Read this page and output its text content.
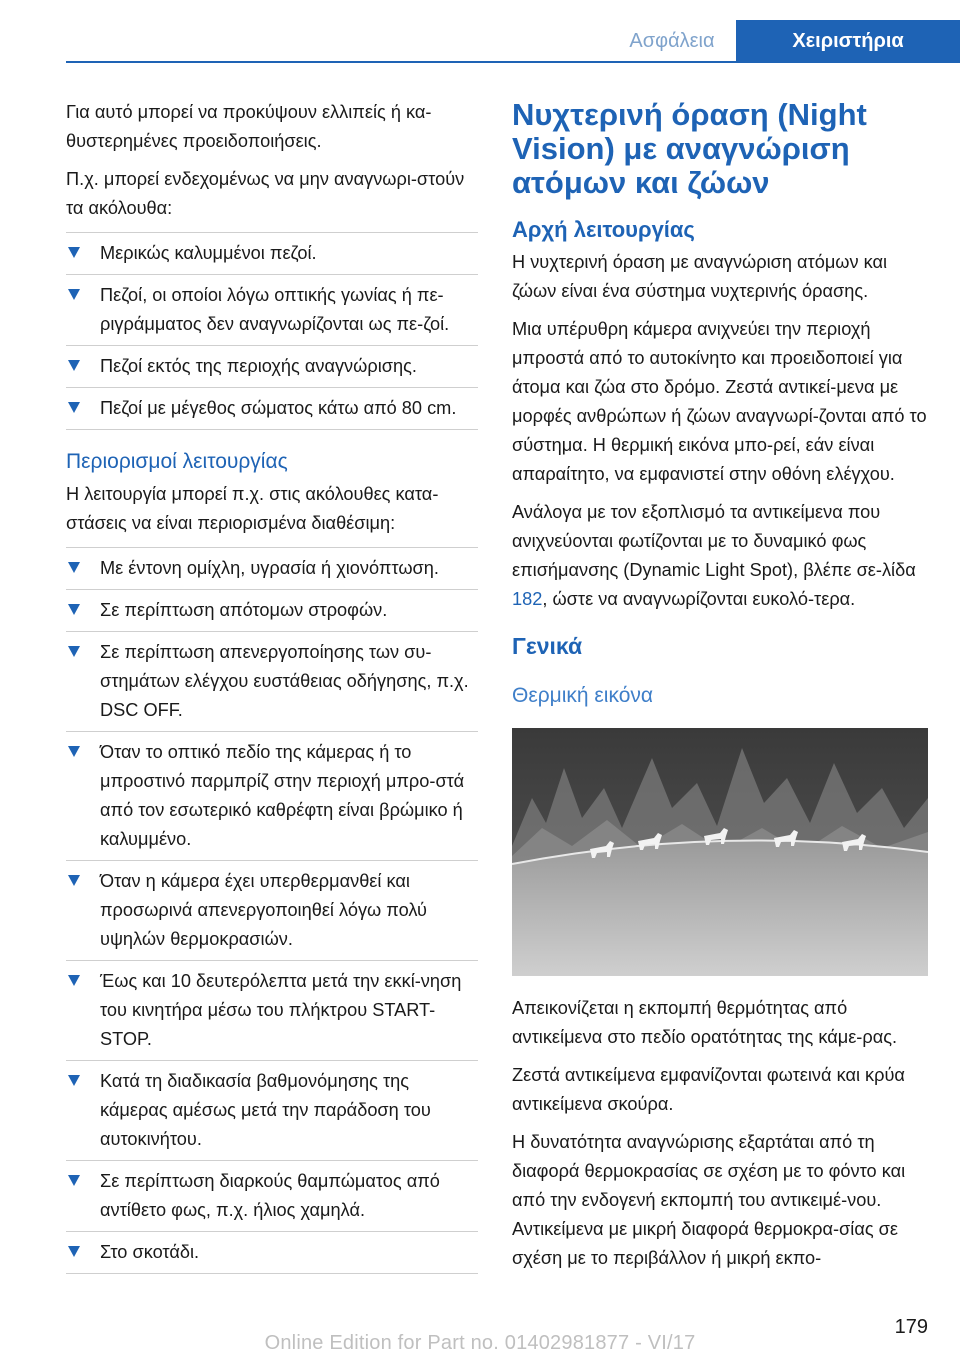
Ασφάλεια	Χειριστήρια

Για αυτό μπορεί να προκύψουν ελλιπείς ή κα‐θυστερημένες προειδοποιήσεις.

Π.χ. μπορεί ενδεχομένως να μην αναγνωρι‐στούν τα ακόλουθα:

Μερικώς καλυμμένοι πεζοί.
Πεζοί, οι οποίοι λόγω οπτικής γωνίας ή πε‐ριγράμματος δεν αναγνωρίζονται ως πε‐ζοί.
Πεζοί εκτός της περιοχής αναγνώρισης.
Πεζοί με μέγεθος σώματος κάτω από 80 cm.
Περιορισμοί λειτουργίας

Η λειτουργία μπορεί π.χ. στις ακόλουθες κατα‐στάσεις να είναι περιορισμένα διαθέσιμη:

Με έντονη ομίχλη, υγρασία ή χιονόπτωση.
Σε περίπτωση απότομων στροφών.
Σε περίπτωση απενεργοποίησης των συ‐στημάτων ελέγχου ευστάθειας οδήγησης, π.χ. DSC OFF.
Όταν το οπτικό πεδίο της κάμερας ή το μπροστινό παρμπρίζ στην περιοχή μπρο‐στά από τον εσωτερικό καθρέφτη είναι βρώμικο ή καλυμμένο.
Όταν η κάμερα έχει υπερθερμανθεί και προσωρινά απενεργοποιηθεί λόγω πολύ υψηλών θερμοκρασιών.
Έως και 10 δευτερόλεπτα μετά την εκκί‐νηση του κινητήρα μέσω του πλήκτρου START-STOP.
Κατά τη διαδικασία βαθμονόμησης της κάμερας αμέσως μετά την παράδοση του αυτοκινήτου.
Σε περίπτωση διαρκούς θαμπώματος από αντίθετο φως, π.χ. ήλιος χαμηλά.
Στο σκοτάδι.
Νυχτερινή όραση (Night Vision) με αναγνώριση ατόμων και ζώων
Αρχή λειτουργίας

Η νυχτερινή όραση με αναγνώριση ατόμων και ζώων είναι ένα σύστημα νυχτερινής όρασης.

Μια υπέρυθρη κάμερα ανιχνεύει την περιοχή μπροστά από το αυτοκίνητο και προειδοποιεί για άτομα και ζώα στο δρόμο. Ζεστά αντικεί‐μενα με μορφές ανθρώπων ή ζώων αναγνωρί‐ζονται από το σύστημα. Η θερμική εικόνα μπο‐ρεί, εάν είναι απαραίτητο, να εμφανιστεί στην οθόνη ελέγχου.

Ανάλογα με τον εξοπλισμό τα αντικείμενα που ανιχνεύονται φωτίζονται με το δυναμικό φως επισήμανσης (Dynamic Light Spot), βλέπε σε‐λίδα 182, ώστε να αναγνωρίζονται ευκολό‐τερα.

Γενικά
Θερμική εικόνα

Απεικονίζεται η εκπομπή θερμότητας από αντικείμενα στο πεδίο ορατότητας της κάμε‐ρας.

Ζεστά αντικείμενα εμφανίζονται φωτεινά και κρύα αντικείμενα σκούρα.

Η δυνατότητα αναγνώρισης εξαρτάται από τη διαφορά θερμοκρασίας σε σχέση με το φόντο και από την ενδογενή εκπομπή του αντικειμέ‐νου. Αντικείμενα με μικρή διαφορά θερμοκρα‐σίας σε σχέση με το περιβάλλον ή μικρή εκπο‐

179
Online Edition for Part no. 01402981877 - VI/17
